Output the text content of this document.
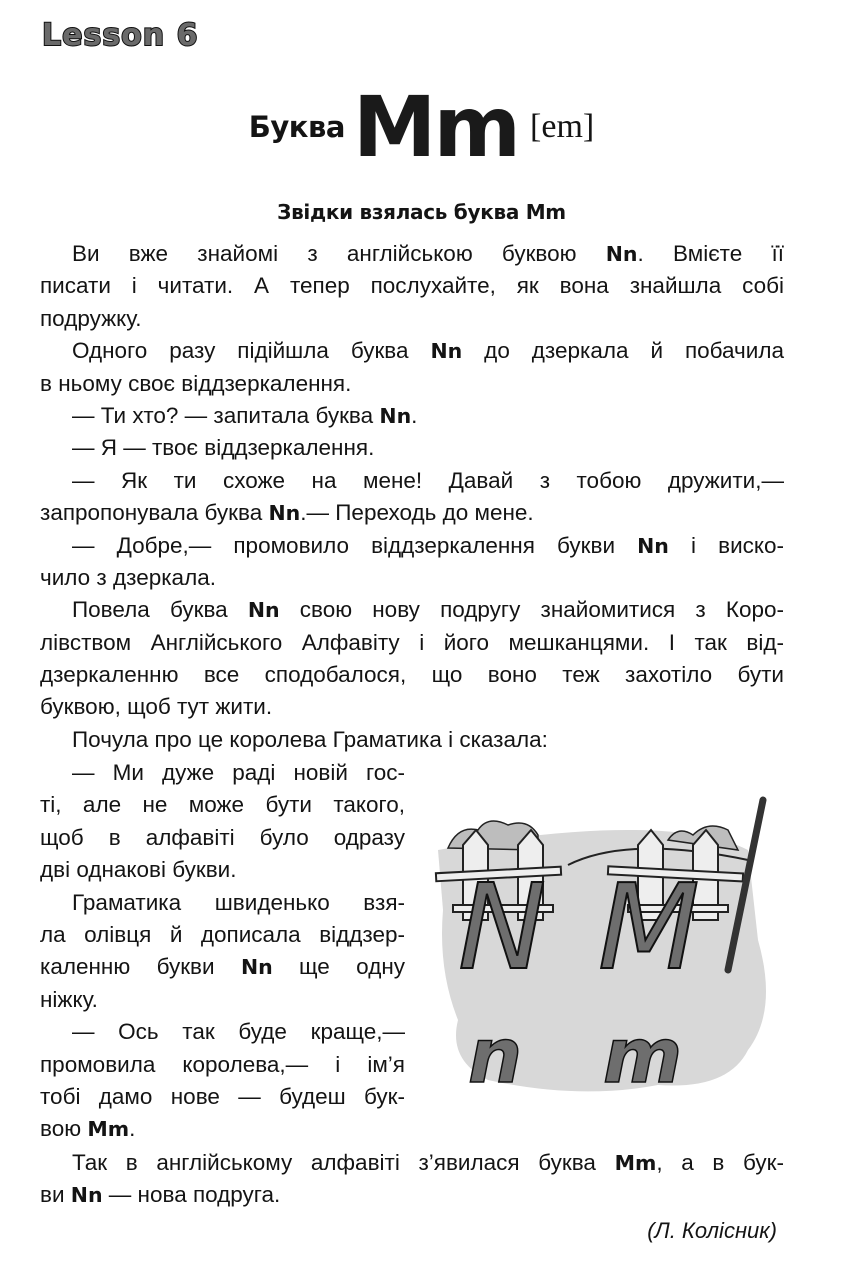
Lesson 6
БукваMm [em]
Звідки взялась буква Mm
Ви вже знайомі з англійською буквою Nn. Вмієте її
писати і читати. А тепер послухайте, як вона знайшла собі
подружку.
Одного разу підійшла буква Nn до дзеркала й побачила
в ньому своє віддзеркалення.
— Ти хто? — запитала буква Nn.
— Я — твоє віддзеркалення.
— Як ти схоже на мене! Давай з тобою дружити,—
запропонувала буква Nn.— Переходь до мене.
— Добре,— промовило віддзеркалення букви Nn і виско-
чило з дзеркала.
Повела буква Nn свою нову подругу знайомитися з Коро-
лівством Англійського Алфавіту і його мешканцями. І так від-
дзеркаленню все сподобалося, що воно теж захотіло бути
буквою, щоб тут жити.
Почула про це королева Граматика і сказала:
— Ми дуже раді новій гос-
ті, але не може бути такого,
щоб в алфавіті було одразу
дві однакові букви.
Граматика швиденько взя-
ла олівця й дописала віддзер-
каленню букви Nn ще одну
ніжку.
— Ось так буде краще,—
промовила королева,— і ім’я
тобі дамо нове — будеш бук-
вою Mm.
Так в англійському алфавіті з’явилася буква Mm, а в бук-
ви Nn — нова подруга.
(Л. Колісник)
N M
n m
